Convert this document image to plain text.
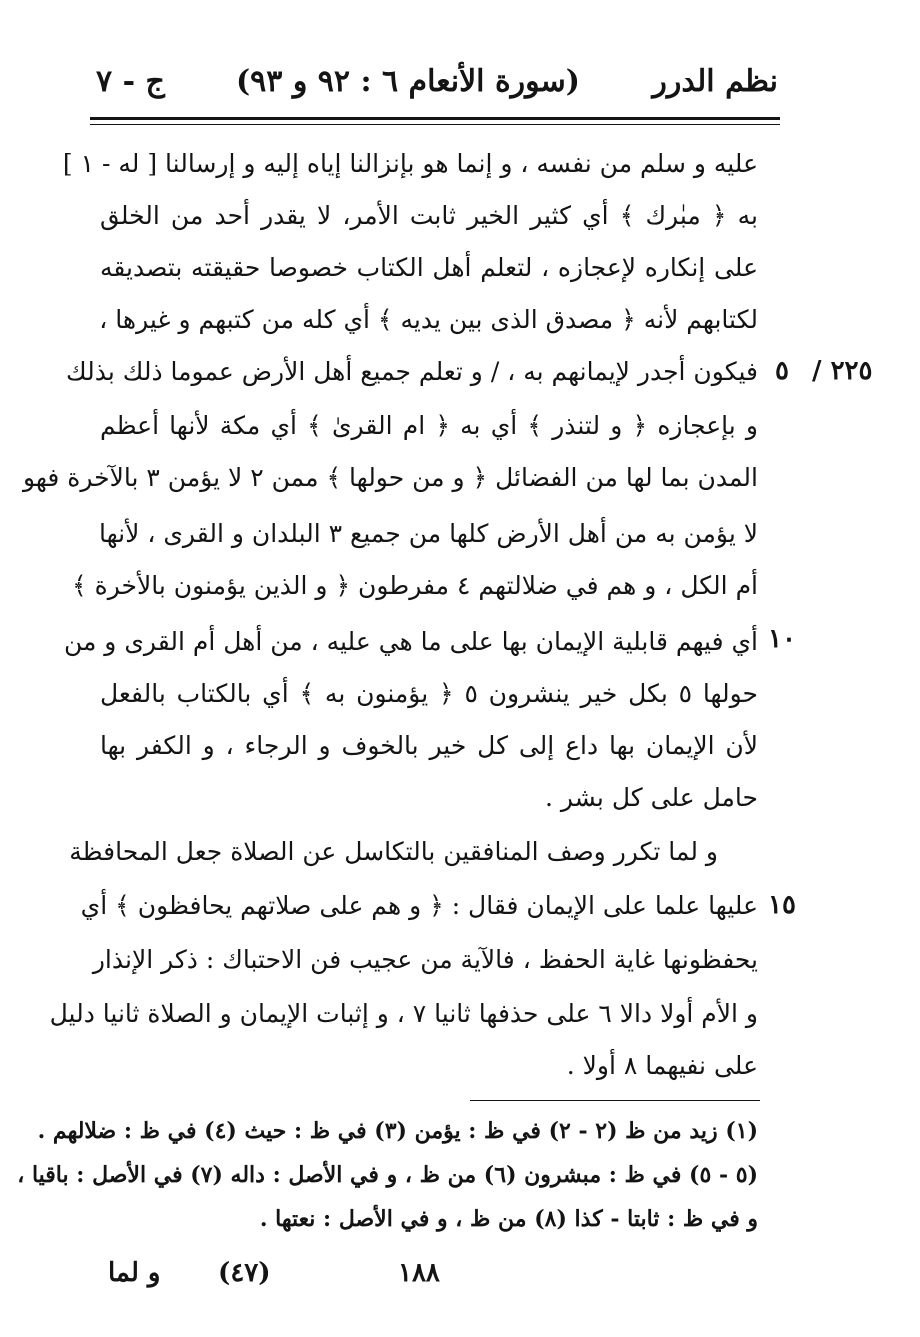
نظم الدرر
(سورة الأنعام ٦ : ٩٢ و ٩٣)
ج - ٧
عليه و سلم من نفسه ، و إنما هو بإنزالنا إياه إليه و إرسالنا [ له - ١ ]
به ﴿ مبٰرك ﴾ أي كثير الخير ثابت الأمر، لا يقدر أحد من الخلق
على إنكاره لإعجازه ، لتعلم أهل الكتاب خصوصا حقيقته بتصديقه
لكتابهم لأنه ﴿ مصدق الذى بين يديه ﴾ أي كله من كتبهم و غيرها ،
فيكون أجدر لإيمانهم به ، / و تعلم جميع أهل الأرض عموما ذلك بذلك
و بإعجازه ﴿ و لتنذر ﴾ أي به ﴿ ام القرىٰ ﴾ أي مكة لأنها أعظم
المدن بما لها من الفضائل ﴿ و من حولها ﴾ ممن ٢ لا يؤمن ٣ بالآخرة فهو
لا يؤمن به من أهل الأرض كلها من جميع ٣ البلدان و القرى ، لأنها
أم الكل ، و هم في ضلالتهم ٤ مفرطون ﴿ و الذين يؤمنون بالأخرة ﴾
أي فيهم قابلية الإيمان بها على ما هي عليه ، من أهل أم القرى و من
حولها ٥ بكل خير ينشرون ٥ ﴿ يؤمنون به ﴾ أي بالكتاب بالفعل
لأن الإيمان بها داع إلى كل خير بالخوف و الرجاء ، و الكفر بها
حامل على كل بشر .
و لما تكرر وصف المنافقين بالتكاسل عن الصلاة جعل المحافظة
عليها علما على الإيمان فقال : ﴿ و هم على صلاتهم يحافظون ﴾ أي
يحفظونها غاية الحفظ ، فالآية من عجيب فن الاحتباك : ذكر الإنذار
و الأم أولا دالا ٦ على حذفها ثانيا ٧ ، و إثبات الإيمان و الصلاة ثانيا دليل
على نفيهما ٨ أولا .
٥
١٠
١٥
٢٢٥ /
(١) زيد من ظ (٢ - ٢) في ظ : يؤمن (٣) في ظ : حيث (٤) في ظ : ضلالهم .
(٥ - ٥) في ظ : مبشرون (٦) من ظ ، و في الأصل : داله (٧) في الأصل : باقيا ،
و في ظ : ثابتا - كذا (٨) من ظ ، و في الأصل : نعتها .
و لما (٤٧)	١٨٨
